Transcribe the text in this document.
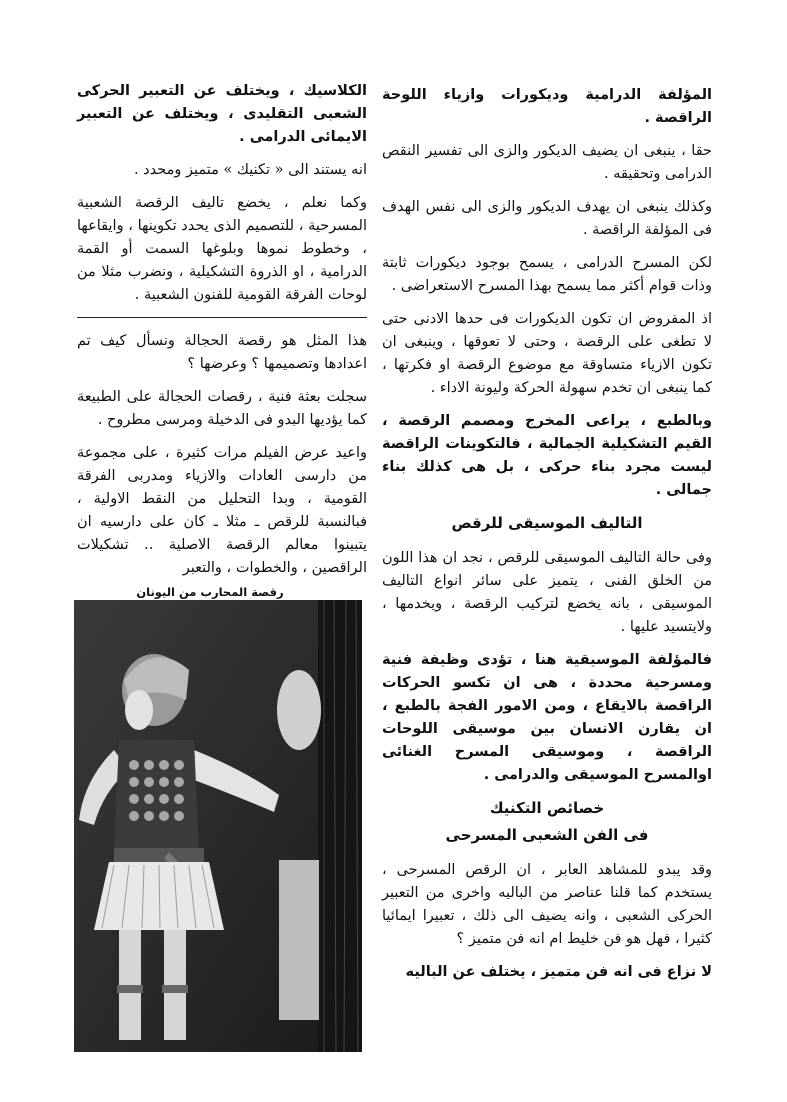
المؤلفة الدرامية وديكورات وازياء اللوحة الراقصة .

حقا ، ينبغى ان يضيف الديكور والزى الى تفسير النقص الدرامى وتحقيقه .

وكذلك ينبغى ان يهدف الديكور والزى الى نفس الهدف فى المؤلفة الراقصة .

لكن المسرح الدرامى ، يسمح بوجود ديكورات ثابتة وذات قوام أكثر مما يسمح بهذا المسرح الاستعراضى .

اذ المفروض ان تكون الديكورات فى حدها الادنى حتى لا تطغى على الرقصة ، وحتى لا تعوقها ، وينبغى ان تكون الازياء متساوقة مع موضوع الرقصة او فكرتها ، كما ينبغى ان تخدم سهولة الحركة وليونة الاداء .

وبالطبع ، يراعى المخرج ومصمم الرقصة ، القيم التشكيلية الجمالية ، فالتكوينات الراقصة ليست مجرد بناء حركى ، بل هى كذلك بناء جمالى .

التاليف الموسيقى للرقص

وفى حالة التاليف الموسيقى للرقص ، نجد ان هذا اللون من الخلق الفنى ، يتميز على سائر انواع التاليف الموسيقى ، بانه يخضع لتركيب الرقصة ، ويخدمها ، ولايتسيد عليها .

فالمؤلفة الموسيقية هنا ، تؤدى وظيفة فنية ومسرحية محددة ، هى ان تكسو الحركات الراقصة بالايقاع ، ومن الامور الفجة بالطبع ، ان يقارن الانسان بين موسيقى اللوحات الراقصة ، وموسيقى المسرح الغنائى اوالمسرح الموسيقى والدرامى .

خصائص التكنيك
فى الفن الشعبى المسرحى

وقد يبدو للمشاهد العابر ، ان الرقص المسرحى ، يستخدم كما قلنا عناصر من الباليه واخرى من التعبير الحركى الشعبى ، وانه يضيف الى ذلك ، تعبيرا ايمائيا كثيرا ، فهل هو فن خليط ام انه فن متميز ؟

لا نزاع فى انه فن متميز ، يختلف عن الباليه

الكلاسيك ، ويختلف عن التعبير الحركى الشعبى التقليدى ، ويختلف عن التعبير الايمائى الدرامى .

انه يستند الى « تكنيك » متميز ومحدد .

وكما نعلم ، يخضع تاليف الرقصة الشعبية المسرحية ، للتصميم الذى يحدد تكوينها ، وايقاعها ، وخطوط نموها وبلوغها السمت أو القمة الدرامية ، او الذروة التشكيلية ، ونضرب مثلا من لوحات الفرقة القومية للفنون الشعبية .

هذا المثل هو رقصة الحجالة ونسأل كيف تم اعدادها وتصميمها ؟ وعرضها ؟

سجلت بعثة فنية ، رقصات الحجالة على الطبيعة كما يؤديها البدو فى الدخيلة ومرسى مطروح .

واعيد عرض الفيلم مرات كثيرة ، على مجموعة من دارسى العادات والازياء ومدربى الفرقة القومية ، وبدا التحليل من النقط الاولية ، فبالنسبة للرقص ـ مثلا ـ كان على دارسيه ان يتبينوا معالم الرقصة الاصلية .. تشكيلات الراقصين ، والخطوات ، والتعبر

رقصة المحارب من اليونان
